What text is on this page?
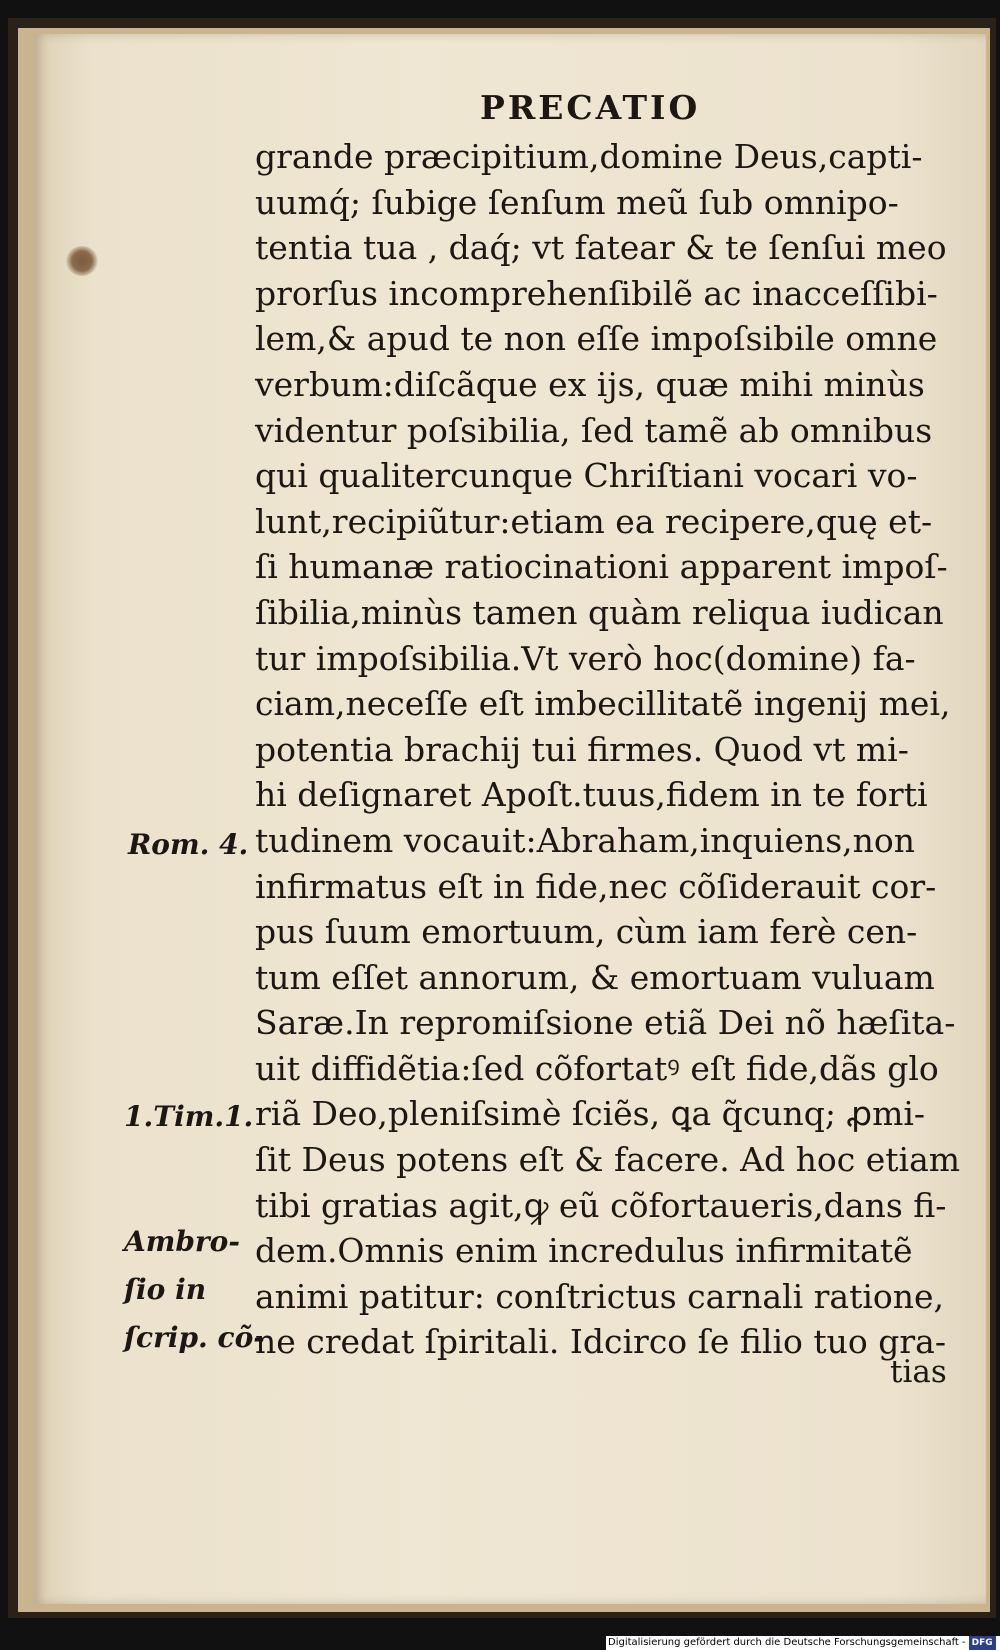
PRECATIO
grande præcipitium,domine Deus,capti-
uumq́; ſubige ſenſum meũ ſub omnipo-
tentia tua , daq́; vt fatear & te ſenſui meo
prorſus incomprehenſibilẽ ac inacceſſibi-
lem,& apud te non eſſe impoſsibile omne
verbum:diſcãque ex ijs, quæ mihi minùs
videntur poſsibilia, ſed tamẽ ab omnibus
qui qualitercunque Chriſtiani vocari vo-
lunt,recipiũtur:etiam ea recipere,quę et-
ſi humanæ ratiocinationi apparent impoſ-
ſibilia,minùs tamen quàm reliqua iudican
tur impoſsibilia.Vt verò hoc(domine) fa-
ciam,neceſſe eſt imbecillitatẽ ingenij mei,
potentia brachij tui firmes. Quod vt mi-
hi deſignaret Apoſt.tuus,fidem in te forti
tudinem vocauit:Abraham,inquiens,non
infirmatus eſt in fide,nec cõſiderauit cor-
pus ſuum emortuum, cùm iam ferè cen-
tum eſſet annorum, & emortuam vuluam
Saræ.In repromiſsione etiã Dei nõ hæſita-
uit diffidẽtia:ſed cõfortatꝰ eſt fide,dãs glo
riã Deo,pleniſsimè ſciẽs, ꝗa q̃cunq; ꝓmi-
ſit Deus potens eſt & facere. Ad hoc etiam
tibi gratias agit,ꝙ eũ cõfortaueris,dans fi-
dem.Omnis enim incredulus infirmitatẽ
animi patitur: conſtrictus carnali ratione,
ne credat ſpiritali. Idcirco ſe filio tuo gra-
tias
Rom. 4.
1.Tim.1.
Ambro-
ſio in
ſcrip. cõ-
Digitalisierung gefördert durch die Deutsche Forschungsgemeinschaft - DFG
